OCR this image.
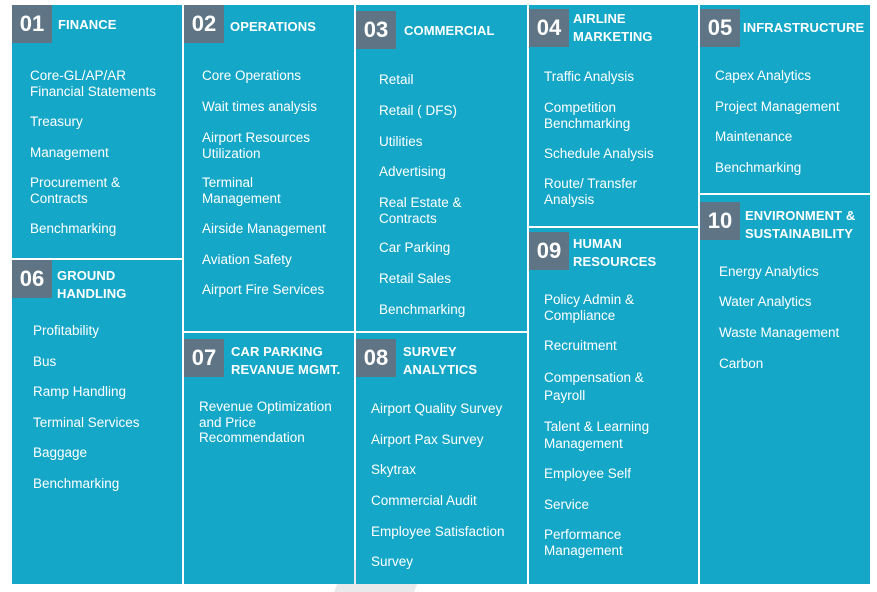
01	FINANCE
Core-GL/AP/AR Financial Statements
Treasury
Management
Procurement & Contracts
Benchmarking
06 GROUND HANDLING
Profitability
Bus
Ramp Handling
Terminal Services
Baggage
Benchmarking
02	OPERATIONS
Core Operations
Wait times analysis
Airport Resources Utilization
Terminal Management
Airside Management
Aviation Safety
Airport Fire Services
07	CAR PARKING REVANUE MGMT.
Revenue Optimization and Price Recommendation
03	COMMERCIAL
Retail
Retail ( DFS)
Utilities
Advertising
Real Estate & Contracts
Car Parking
Retail Sales
Benchmarking
08	SURVEY ANALYTICS
Airport Quality Survey
Airport Pax Survey
Skytrax
Commercial Audit
Employee Satisfaction
Survey
04 AIRLINE MARKETING
Traffic Analysis
Competition Benchmarking
Schedule Analysis
Route/ Transfer Analysis
09 HUMAN RESOURCES
Policy Admin & Compliance
Recruitment
Compensation & Payroll
Talent & Learning Management
Employee Self
Service
Performance Management
05 INFRASTRUCTURE
Capex Analytics
Project Management
Maintenance
Benchmarking
10 ENVIRONMENT & SUSTAINABILITY
Energy Analytics
Water Analytics
Waste Management
Carbon
